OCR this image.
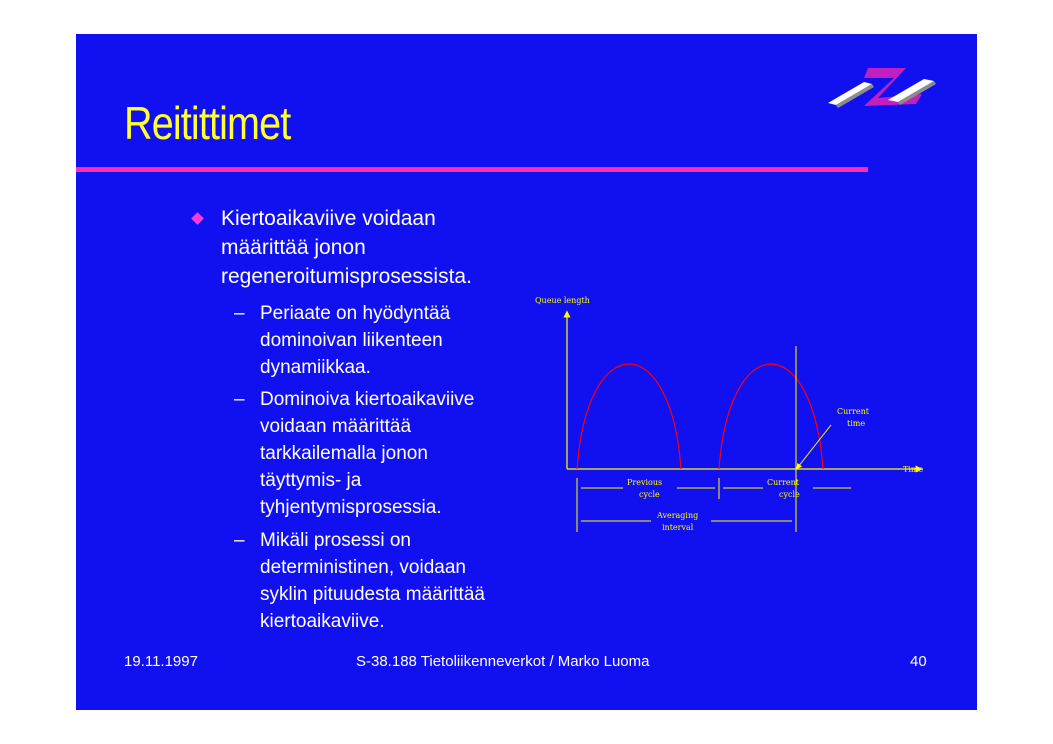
Reitittimet
Kiertoaikaviive voidaan
määrittää jonon
regeneroitumisprosessista.
– Periaate on hyödyntää
dominoivan liikenteen
dynamiikkaa.
– Dominoiva kiertoaikaviive
voidaan määrittää
tarkkailemalla jonon
täyttymis- ja
tyhjentymisprosessia.
– Mikäli prosessi on
deterministinen, voidaan
syklin pituudesta määrittää
kiertoaikaviive.
Queue length
Time
Current
time
Previous
cycle
Current
cycle
Averaging
interval
19.11.1997	S-38.188 Tietoliikenneverkot / Marko Luoma	40
